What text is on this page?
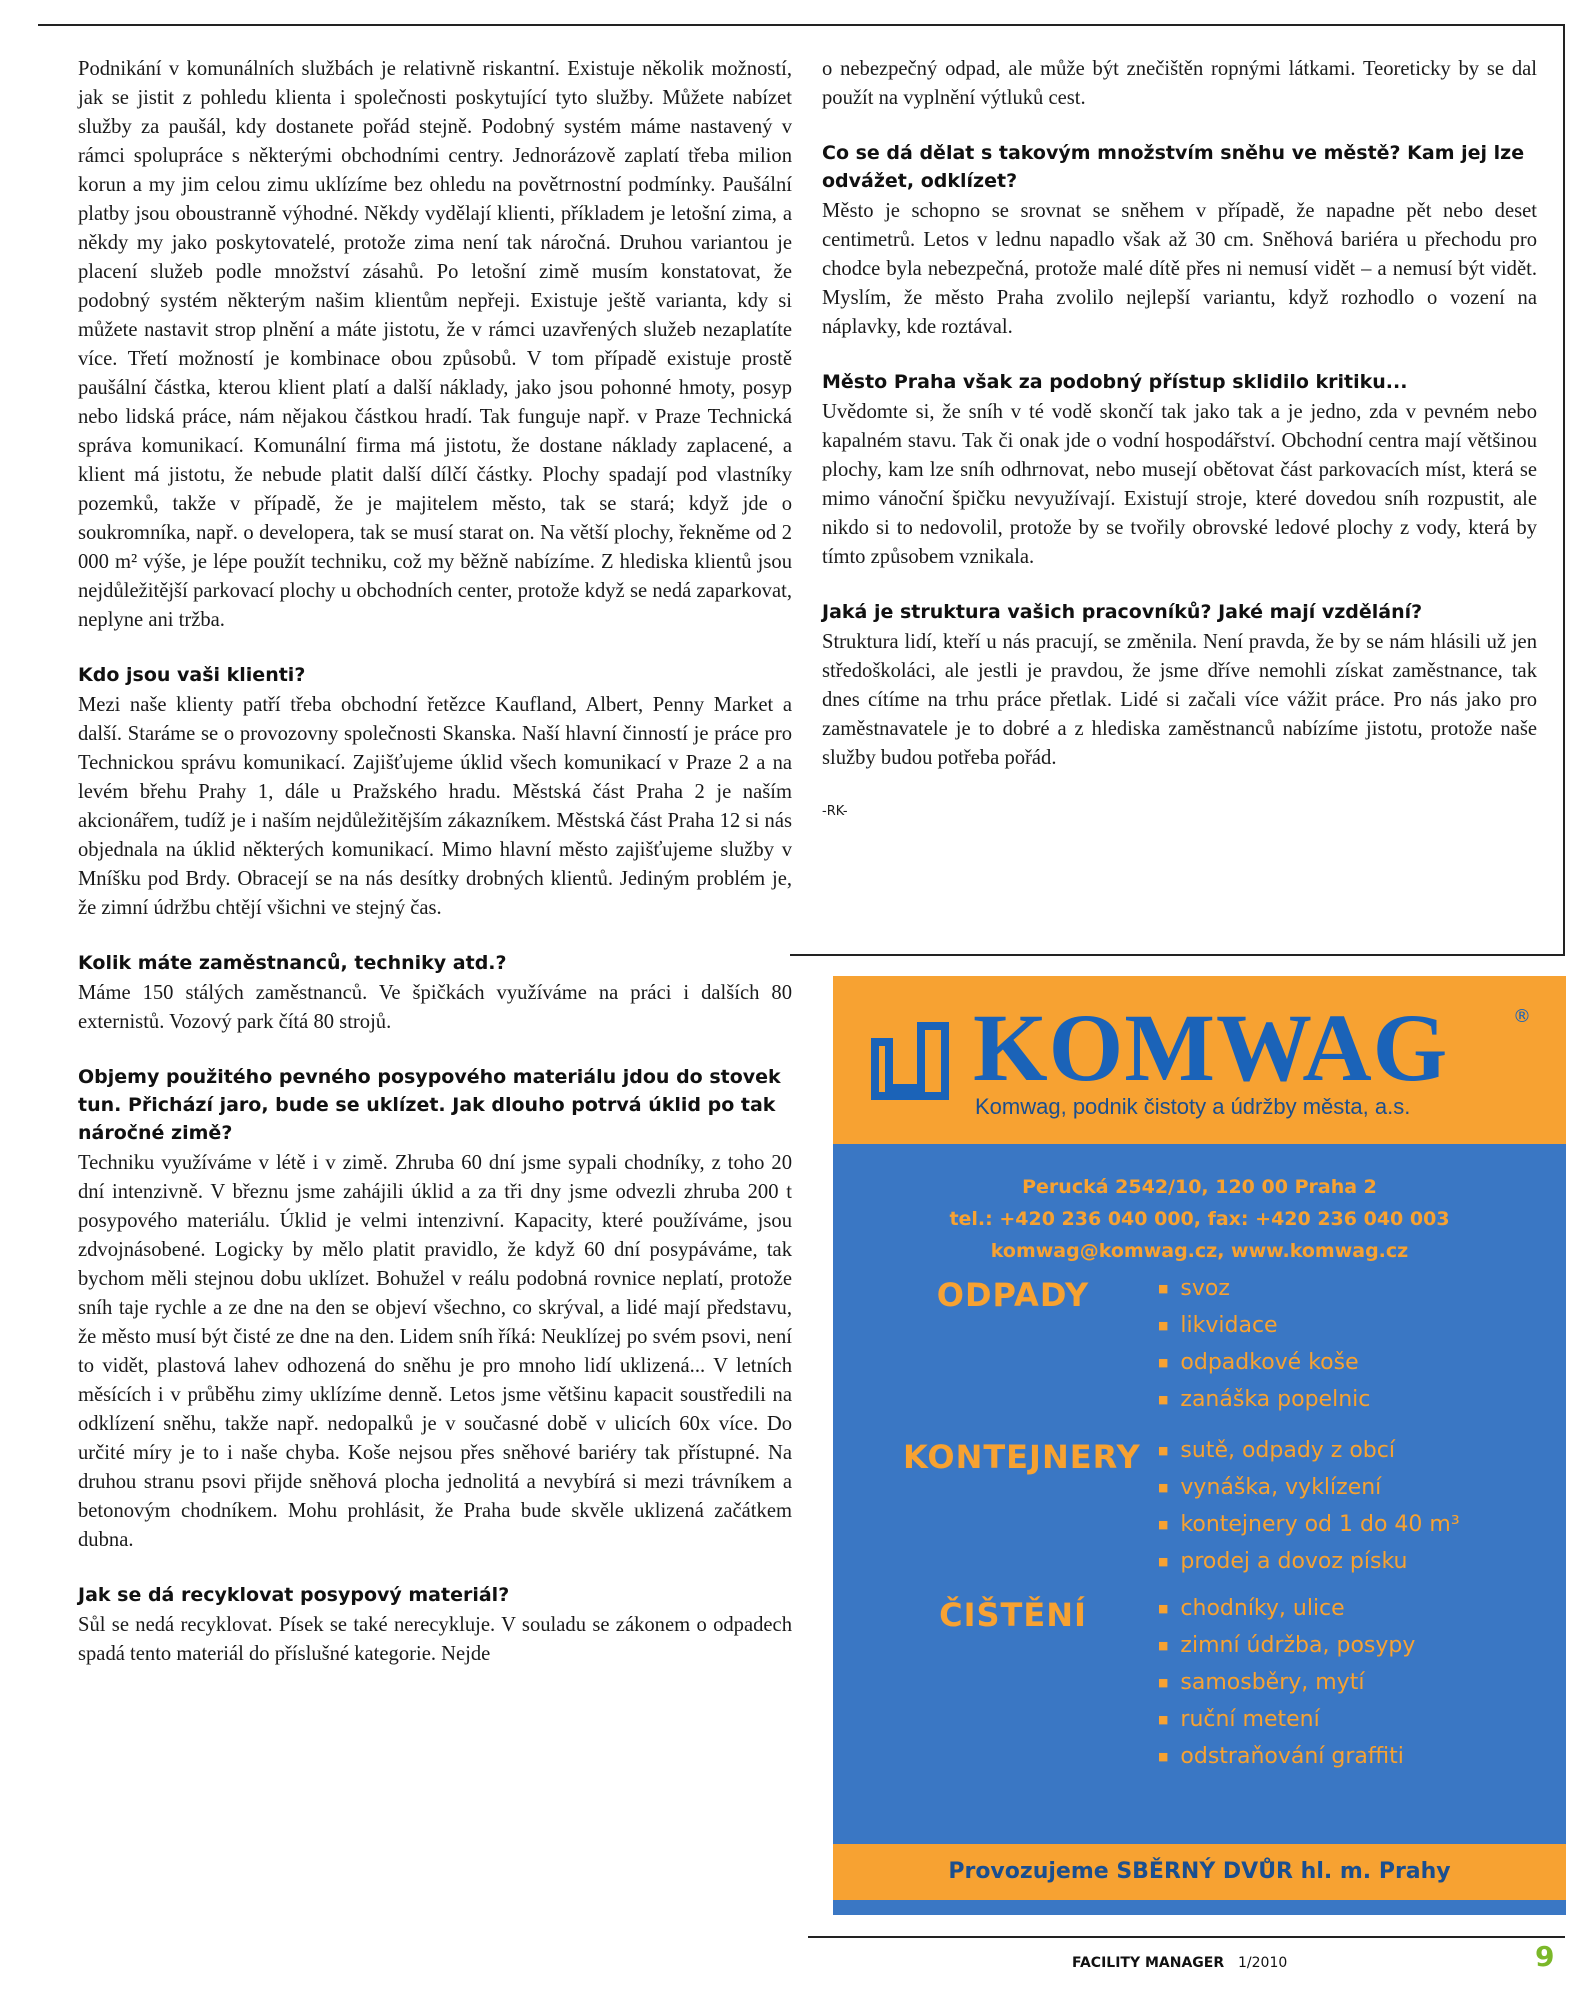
Podnikání v komunálních službách je relativně riskantní. Existuje několik možností, jak se jistit z pohledu klienta i společnosti poskytující tyto služby. Můžete nabízet služby za paušál, kdy dostanete pořád stejně. Podobný systém máme nastavený v rámci spolupráce s některými obchodními centry. Jednorázově zaplatí třeba milion korun a my jim celou zimu uklízíme bez ohledu na povětrnostní podmínky. Paušální platby jsou oboustranně výhodné. Někdy vydělají klienti, příkladem je letošní zima, a někdy my jako poskytovatelé, protože zima není tak náročná. Druhou variantou je placení služeb podle množství zásahů. Po letošní zimě musím konstatovat, že podobný systém některým našim klientům nepřeji. Existuje ještě varianta, kdy si můžete nastavit strop plnění a máte jistotu, že v rámci uzavřených služeb nezaplatíte více. Třetí možností je kombinace obou způsobů. V tom případě existuje prostě paušální částka, kterou klient platí a další náklady, jako jsou pohonné hmoty, posyp nebo lidská práce, nám nějakou částkou hradí. Tak funguje např. v Praze Technická správa komunikací. Komunální firma má jistotu, že dostane náklady zaplacené, a klient má jistotu, že nebude platit další dílčí částky. Plochy spadají pod vlastníky pozemků, takže v případě, že je majitelem město, tak se stará; když jde o soukromníka, např. o developera, tak se musí starat on. Na větší plochy, řekněme od 2 000 m² výše, je lépe použít techniku, což my běžně nabízíme. Z hlediska klientů jsou nejdůležitější parkovací plochy u obchodních center, protože když se nedá zaparkovat, neplyne ani tržba.

Kdo jsou vaši klienti?

Mezi naše klienty patří třeba obchodní řetězce Kaufland, Albert, Penny Market a další. Staráme se o provozovny společnosti Skanska. Naší hlavní činností je práce pro Technickou správu komunikací. Zajišťujeme úklid všech komunikací v Praze 2 a na levém břehu Prahy 1, dále u Pražského hradu. Městská část Praha 2 je naším akcionářem, tudíž je i naším nejdůležitějším zákazníkem. Městská část Praha 12 si nás objednala na úklid některých komunikací. Mimo hlavní město zajišťujeme služby v Mníšku pod Brdy. Obracejí se na nás desítky drobných klientů. Jediným problém je, že zimní údržbu chtějí všichni ve stejný čas.

Kolik máte zaměstnanců, techniky atd.?

Máme 150 stálých zaměstnanců. Ve špičkách využíváme na práci i dalších 80 externistů. Vozový park čítá 80 strojů.

Objemy použitého pevného posypového materiálu jdou do stovek tun. Přichází jaro, bude se uklízet. Jak dlouho potrvá úklid po tak náročné zimě?

Techniku využíváme v létě i v zimě. Zhruba 60 dní jsme sypali chodníky, z toho 20 dní intenzivně. V březnu jsme zahájili úklid a za tři dny jsme odvezli zhruba 200 t posypového materiálu. Úklid je velmi intenzivní. Kapacity, které používáme, jsou zdvojnásobené. Logicky by mělo platit pravidlo, že když 60 dní posypáváme, tak bychom měli stejnou dobu uklízet. Bohužel v reálu podobná rovnice neplatí, protože sníh taje rychle a ze dne na den se objeví všechno, co skrýval, a lidé mají představu, že město musí být čisté ze dne na den. Lidem sníh říká: Neuklízej po svém psovi, není to vidět, plastová lahev odhozená do sněhu je pro mnoho lidí uklizená... V letních měsících i v průběhu zimy uklízíme denně. Letos jsme většinu kapacit soustředili na odklízení sněhu, takže např. nedopalků je v současné době v ulicích 60x více. Do určité míry je to i naše chyba. Koše nejsou přes sněhové bariéry tak přístupné. Na druhou stranu psovi přijde sněhová plocha jednolitá a nevybírá si mezi trávníkem a betonovým chodníkem. Mohu prohlásit, že Praha bude skvěle uklizená začátkem dubna.

Jak se dá recyklovat posypový materiál?

Sůl se nedá recyklovat. Písek se také nerecykluje. V souladu se zákonem o odpadech spadá tento materiál do příslušné kategorie. Nejde

o nebezpečný odpad, ale může být znečištěn ropnými látkami. Teoreticky by se dal použít na vyplnění výtluků cest.

Co se dá dělat s takovým množstvím sněhu ve městě? Kam jej lze odvážet, odklízet?

Město je schopno se srovnat se sněhem v případě, že napadne pět nebo deset centimetrů. Letos v lednu napadlo však až 30 cm. Sněhová bariéra u přechodu pro chodce byla nebezpečná, protože malé dítě přes ni nemusí vidět – a nemusí být vidět. Myslím, že město Praha zvolilo nejlepší variantu, když rozhodlo o vození na náplavky, kde roztával.

Město Praha však za podobný přístup sklidilo kritiku...

Uvědomte si, že sníh v té vodě skončí tak jako tak a je jedno, zda v pevném nebo kapalném stavu. Tak či onak jde o vodní hospodářství. Obchodní centra mají většinou plochy, kam lze sníh odhrnovat, nebo musejí obětovat část parkovacích míst, která se mimo vánoční špičku nevyužívají. Existují stroje, které dovedou sníh rozpustit, ale nikdo si to nedovolil, protože by se tvořily obrovské ledové plochy z vody, která by tímto způsobem vznikala.

Jaká je struktura vašich pracovníků? Jaké mají vzdělání?

Struktura lidí, kteří u nás pracují, se změnila. Není pravda, že by se nám hlásili už jen středoškoláci, ale jestli je pravdou, že jsme dříve nemohli získat zaměstnance, tak dnes cítíme na trhu práce přetlak. Lidé si začali více vážit práce. Pro nás jako pro zaměstnavatele je to dobré a z hlediska zaměstnanců nabízíme jistotu, protože naše služby budou potřeba pořád.

-RK-
KOMWAG	®
Komwag, podnik čistoty a údržby města, a.s.
Perucká 2542/10, 120 00 Praha 2
tel.: +420 236 040 000, fax: +420 236 040 003
komwag@komwag.cz, www.komwag.cz
ODPADY	■ svoz
■ likvidace
■ odpadkové koše
■ zanáška popelnic
KONTEJNERY	■ sutě, odpady z obcí
■ vynáška, vyklízení
■ kontejnery od 1 do 40 m³
■ prodej a dovoz písku
ČIŠTĚNÍ	■ chodníky, ulice
■ zimní údržba, posypy
■ samosběry, mytí
■ ruční metení
■ odstraňování graffiti
Provozujeme SBĚRNÝ DVŮR hl. m. Prahy
FACILITY MANAGER 1/2010	9
